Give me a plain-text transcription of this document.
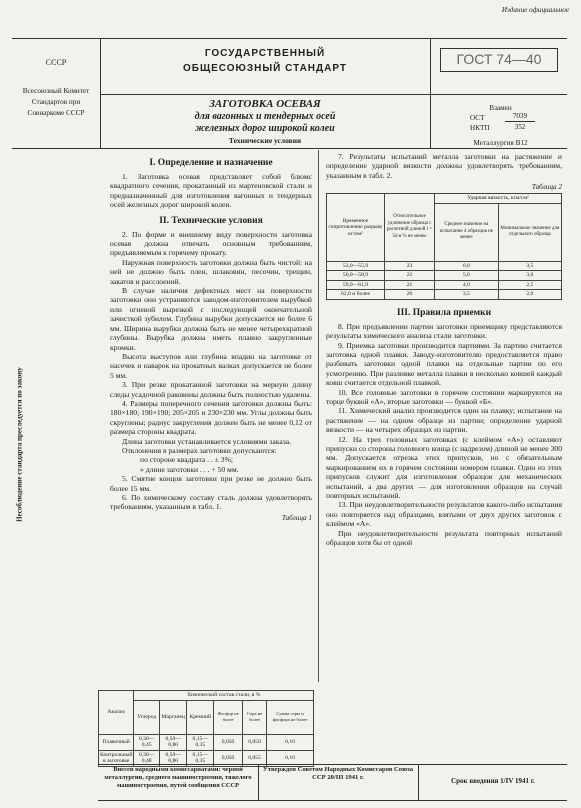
Издание официальное
СССР
Всесоюзный Комитет Стандартов при Совнаркоме СССР
ГОСУДАРСТВЕННЫЙ
ОБЩЕСОЮЗНЫЙ СТАНДАРТ
ГОСТ 74—40
ЗАГОТОВКА ОСЕВАЯ
для вагонных и тендерных осей
железных дорог широкой колеи
Технические условия
Взамен
ОСТ	7039
НКТП	352
Металлургия В12
Несоблюдение стандарта преследуется по закону
I. Определение и назначение

1. Заготовка осевая представляет собой блюмс квадратного сечения, прокатанный из мартеновской стали и предназначенный для изготовления вагонных и тендерных осей железных дорог широкой колеи.

II. Технические условия

2. По форме и внешнему виду поверхности заготовка осевая должна отвечать основным требованиям, предъявляемым к горячему прокату.

Наружная поверхность заготовки должна быть чистой: на ней не должно быть плен, шлаковин, песочин, трещин, закатов и расслоений.

В случае наличия дефектных мест на поверхности заготовки они устраняются заводом-изготовителем вырубкой или огневой вырезкой с последующей окончательной зачисткой зубилом. Глубина вырубки допускается не более 6 мм. Ширина вырубки должна быть не менее четырехкратной глубины. Вырубка должна иметь плавно закругленные кромки.

Высота выступов или глубина впадин на заготовке от насечек и наварок на прокатных валках допускается не более 5 мм.

3. При резке прокатанной заготовки на мерную длину следы усадочной раковины должны быть полностью удалены.

4. Размеры поперечного сечения заготовки должны быть: 180×180; 190×190; 205×205 и 230×230 мм. Углы должны быть скруглены; радиус закругления должен быть не менее 0,12 от размера стороны квадрата.

Длина заготовки устанавливается условиями заказа.

Отклонения в размерах заготовки допускаются:

по стороне квадрата . . ± 3%;

» длине заготовки . . . + 50 мм.

5. Смятие концов заготовки при резке не должно быть более 15 мм.

6. По химическому составу сталь должна удовлетворять требованиям, указанным в табл. 1.

Таблица 1

Анализ	Химический состав стали, в %					
	Углерод	Марганец	Кремний	Фосфор не более	Сера не более	Сумма серы и фосфора не более
Плавочный	0,30—0,45	0,50—0,80	0,15—0,35	0,050	0,050	0,10
Контрольный в заготовке	0,30—0,48	0,50—0,80	0,15—0,35	0,050	0,055	0,10

7. Результаты испытаний металла заготовки на растяжение и определение ударной вязкости должны удовлетворять требованиям, указанным в табл. 2.

Таблица 2

Временное сопротивление разрыву кг/мм²	Относительное удлинение образца с расчетной длиной l = 5d в % не менее	Ударная вязкость, кгм/см²	
		Среднее значение на испытание 4 образцов не менее	Минимальное значение для отдельного образца
52,0—55,9	23	6,0	3,5
56,0—58,9	22	5,0	3,0
59,0—61,9	21	4,0	2,5
62,0 и более	20	3,5	2,0
III. Правила приемки

8. При предъявлении партии заготовки приемщику представляются результаты химического анализа стали заготовки.

9. Приемка заготовки производится партиями. За партию считается заготовка одной плавки. Заводу-изготовителю предоставляется право разбивать заготовки одной плавки на отдельные партии по его усмотрению. При разливке металла плавки в несколько ковшей каждый ковш считается отдельной плавкой.

10. Все головные заготовки в горячем состоянии маркируются на торце буквой «А», вторые заготовки — буквой «Б».

11. Химический анализ производится один на плавку; испытание на растяжение — на одном образце из партии; определение ударной вязкости — на четырех образцах из партии.

12. На трех головных заготовках (с клеймом «А») оставляют припуски со стороны головного конца (с надрезом) длиной не менее 300 мм. Допускается отрезка этих припусков, но с обязательным маркированием их в горячем состоянии номером плавки. Один из этих припусков служит для изготовления образцов для механических испытаний, а два других — для изготовления образцов на случай повторных испытаний.

13. При неудовлетворительности результатов какого-либо испытания оно повторяется над образцами, взятыми от двух других заготовок с клеймом «А».

При неудовлетворительности результата повторных испытаний образцов хотя бы от одной

Внесен народными комиссариатами: черной металлургии, среднего машиностроения, тяжелого машиностроения, путей сообщения СССР
Утвержден Советом Народных Комиссаров Союза ССР 20/III 1941 г.	Срок введения 1/IV 1941 г.
